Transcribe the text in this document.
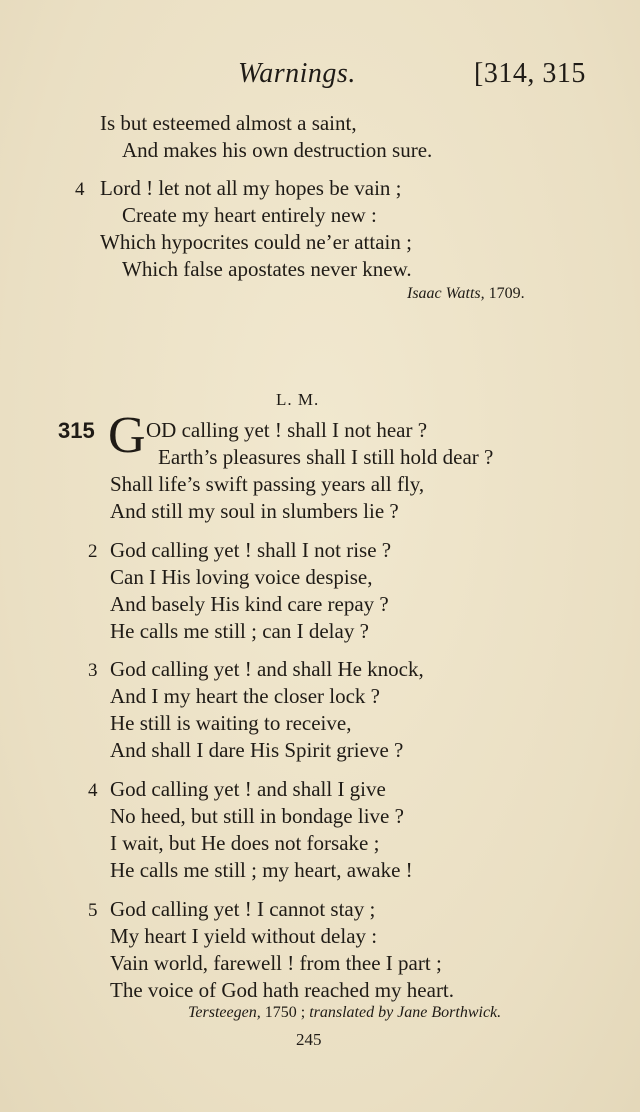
Warnings.	[314, 315
Is but esteemed almost a saint,
And makes his own destruction sure.
4 Lord ! let not all my hopes be vain ;
Create my heart entirely new :
Which hypocrites could ne’er attain ;
Which false apostates never knew.
Isaac Watts, 1709.
L. M.
315 G OD calling yet ! shall I not hear ?
Earth’s pleasures shall I still hold dear ?
Shall life’s swift passing years all fly,
And still my soul in slumbers lie ?
2 God calling yet ! shall I not rise ?
Can I His loving voice despise,
And basely His kind care repay ?
He calls me still ; can I delay ?
3 God calling yet ! and shall He knock,
And I my heart the closer lock ?
He still is waiting to receive,
And shall I dare His Spirit grieve ?
4 God calling yet ! and shall I give
No heed, but still in bondage live ?
I wait, but He does not forsake ;
He calls me still ; my heart, awake !
5 God calling yet ! I cannot stay ;
My heart I yield without delay :
Vain world, farewell ! from thee I part ;
The voice of God hath reached my heart.
Tersteegen, 1750 ; translated by Jane Borthwick.
245
